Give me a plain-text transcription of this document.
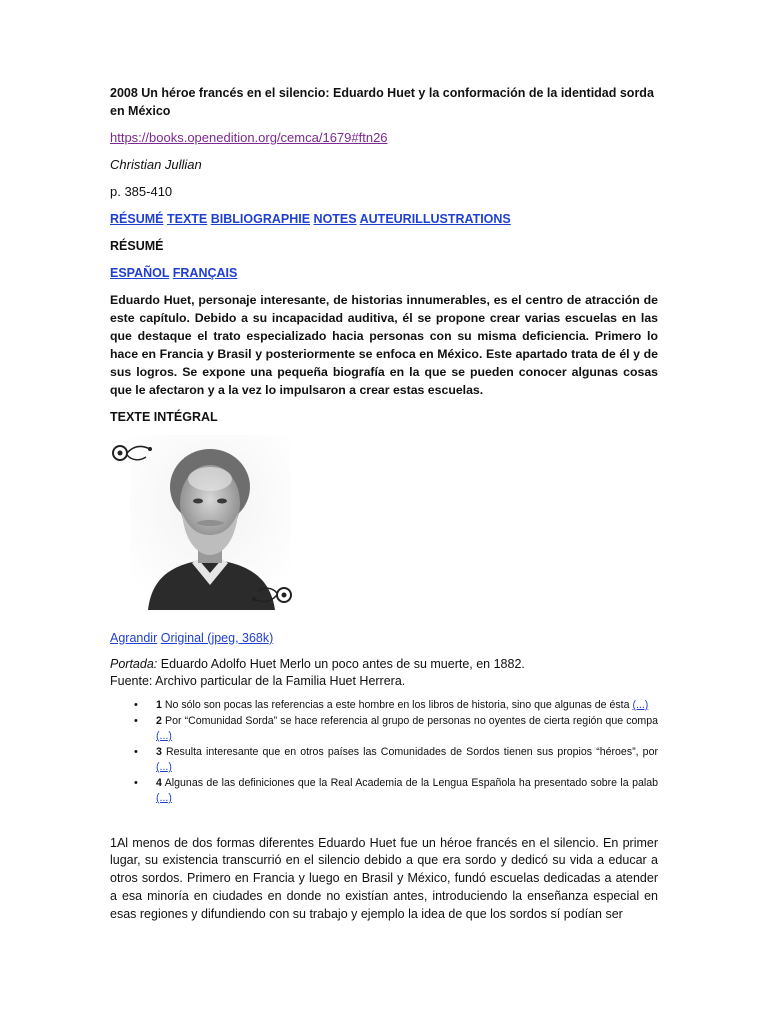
2008 Un héroe francés en el silencio: Eduardo Huet y la conformación de la identidad sorda en México

https://books.openedition.org/cemca/1679#ftn26

Christian Jullian

p. 385-410

RÉSUMÉ TEXTE BIBLIOGRAPHIE NOTES AUTEURILLUSTRATIONS

RÉSUMÉ

ESPAÑOL FRANÇAIS

Eduardo Huet, personaje interesante, de historias innumerables, es el centro de atracción de este capítulo. Debido a su incapacidad auditiva, él se propone crear varias escuelas en las que destaque el trato especializado hacia personas con su misma deficiencia. Primero lo hace en Francia y Brasil y posteriormente se enfoca en México. Este apartado trata de él y de sus logros. Se expone una pequeña biografía en la que se pueden conocer algunas cosas que le afectaron y a la vez lo impulsaron a crear estas escuelas.

TEXTE INTÉGRAL

Agrandir Original (jpeg, 368k)

Portada: Eduardo Adolfo Huet Merlo un poco antes de su muerte, en 1882.
Fuente: Archivo particular de la Familia Huet Herrera.

• 1 No sólo son pocas las referencias a este hombre en los libros de historia, sino que algunas de ésta (...)
• 2 Por “Comunidad Sorda” se hace referencia al grupo de personas no oyentes de cierta región que compa (...)
• 3 Resulta interesante que en otros países las Comunidades de Sordos tienen sus propios “héroes”, por (...)
• 4 Algunas de las definiciones que la Real Academia de la Lengua Española ha presentado sobre la palab (...)

1Al menos de dos formas diferentes Eduardo Huet fue un héroe francés en el silencio. En primer lugar, su existencia transcurrió en el silencio debido a que era sordo y dedicó su vida a educar a otros sordos. Primero en Francia y luego en Brasil y México, fundó escuelas dedicadas a atender a esa minoría en ciudades en donde no existían antes, introduciendo la enseñanza especial en esas regiones y difundiendo con su trabajo y ejemplo la idea de que los sordos sí podían ser
